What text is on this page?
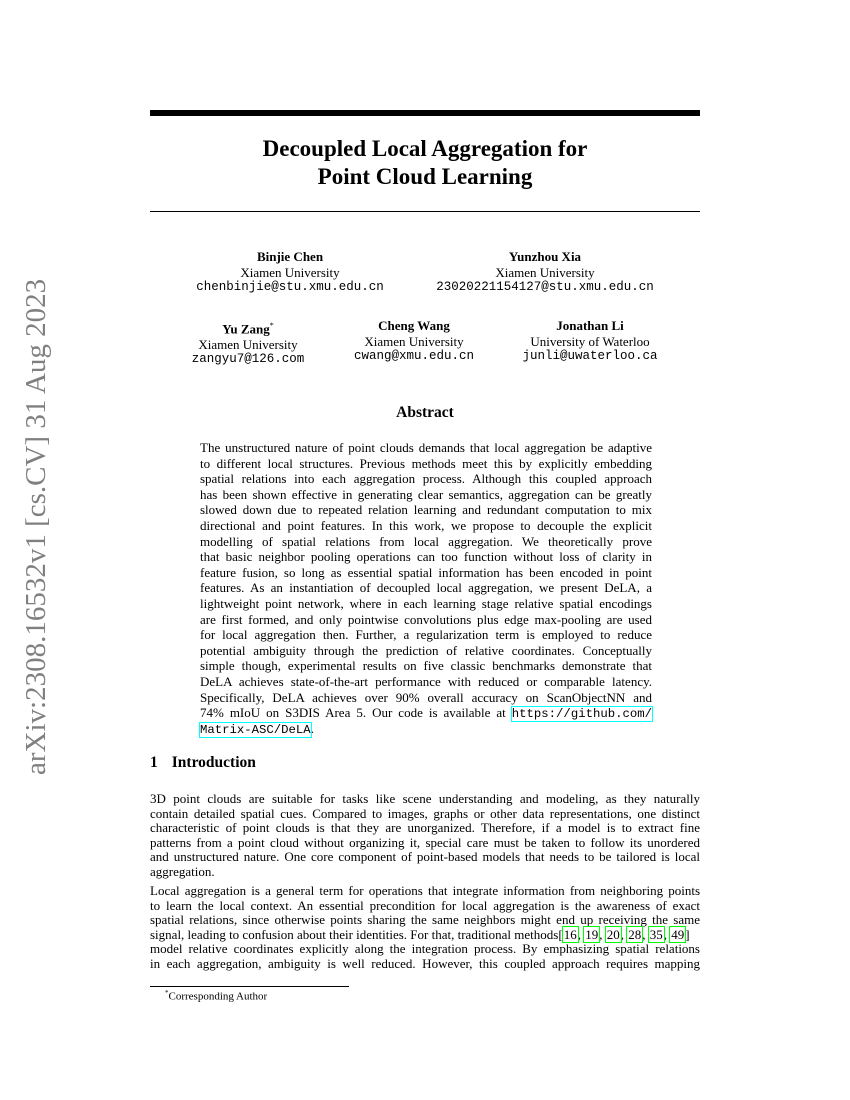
arXiv:2308.16532v1 [cs.CV] 31 Aug 2023
Decoupled Local Aggregation for
Point Cloud Learning
Binjie Chen
Xiamen University
chenbinjie@stu.xmu.edu.cn
Yunzhou Xia
Xiamen University
23020221154127@stu.xmu.edu.cn
Yu Zang*
Xiamen University
zangyu7@126.com
Cheng Wang
Xiamen University
cwang@xmu.edu.cn
Jonathan Li
University of Waterloo
junli@uwaterloo.ca
Abstract
The unstructured nature of point clouds demands that local aggregation be adaptive
to different local structures. Previous methods meet this by explicitly embedding
spatial relations into each aggregation process. Although this coupled approach
has been shown effective in generating clear semantics, aggregation can be greatly
slowed down due to repeated relation learning and redundant computation to mix
directional and point features. In this work, we propose to decouple the explicit
modelling of spatial relations from local aggregation. We theoretically prove
that basic neighbor pooling operations can too function without loss of clarity in
feature fusion, so long as essential spatial information has been encoded in point
features. As an instantiation of decoupled local aggregation, we present DeLA, a
lightweight point network, where in each learning stage relative spatial encodings
are first formed, and only pointwise convolutions plus edge max-pooling are used
for local aggregation then. Further, a regularization term is employed to reduce
potential ambiguity through the prediction of relative coordinates. Conceptually
simple though, experimental results on five classic benchmarks demonstrate that
DeLA achieves state-of-the-art performance with reduced or comparable latency.
Specifically, DeLA achieves over 90% overall accuracy on ScanObjectNN and
74% mIoU on S3DIS Area 5. Our code is available at https://github.com/
Matrix-ASC/DeLA.
1 Introduction
3D point clouds are suitable for tasks like scene understanding and modeling, as they naturally
contain detailed spatial cues. Compared to images, graphs or other data representations, one distinct
characteristic of point clouds is that they are unorganized. Therefore, if a model is to extract fine
patterns from a point cloud without organizing it, special care must be taken to follow its unordered
and unstructured nature. One core component of point-based models that needs to be tailored is local
aggregation.
Local aggregation is a general term for operations that integrate information from neighboring points
to learn the local context. An essential precondition for local aggregation is the awareness of exact
spatial relations, since otherwise points sharing the same neighbors might end up receiving the same
signal, leading to confusion about their identities. For that, traditional methods[16, 19, 20, 28, 35, 49]
model relative coordinates explicitly along the integration process. By emphasizing spatial relations
in each aggregation, ambiguity is well reduced. However, this coupled approach requires mapping
*Corresponding Author
